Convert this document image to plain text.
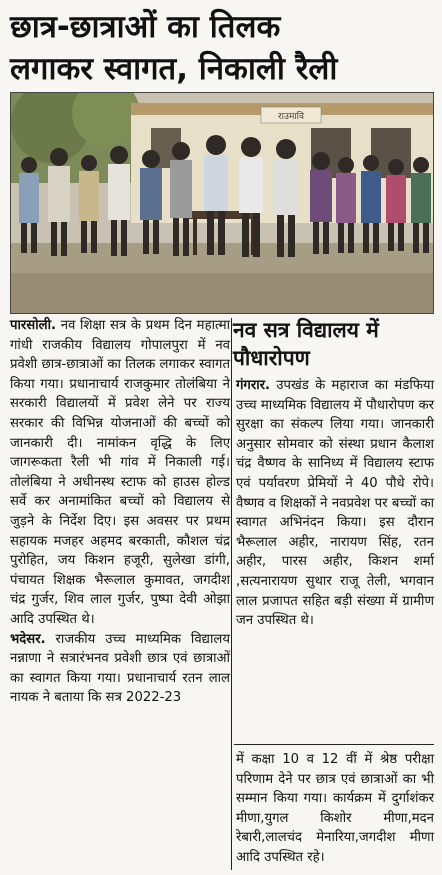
छात्र-छात्राओं का तिलक
लगाकर स्वागत, निकाली रैली
राउमावि

पारसोली. नव शिक्षा सत्र के प्रथम दिन महात्मा गांधी राजकीय विद्यालय गोपालपुरा में नव प्रवेशी छात्र-छात्राओं का तिलक लगाकर स्वागत किया गया। प्रधानाचार्य राजकुमार तोलंबिया ने सरकारी विद्यालयों में प्रवेश लेने पर राज्य सरकार की विभिन्न योजनाओं की बच्चों को जानकारी दी। नामांकन वृद्धि के लिए जागरूकता रैली भी गांव में निकाली गई। तोलंबिया ने अधीनस्थ स्टाफ को हाउस होल्ड सर्वे कर अनामांकित बच्चों को विद्यालय से जुड़ने के निर्देश दिए। इस अवसर पर प्रथम सहायक मजहर अहमद बरकाती, कौशल चंद्र पुरोहित, जय किशन हजूरी, सुलेखा डांगी, पंचायत शिक्षक भैरूलाल कुमावत, जगदीश चंद्र गुर्जर, शिव लाल गुर्जर, पुष्पा देवी ओझा आदि उपस्थित थे।

भदेसर. राजकीय उच्च माध्यमिक विद्यालय नन्नाणा ने सत्रारंभनव प्रवेशी छात्र एवं छात्राओं का स्वागत किया गया। प्रधानाचार्य रतन लाल नायक ने बताया कि सत्र 2022-23

नव सत्र विद्यालय में पौधारोपण

गंगरार. उपखंड के महाराज का मंडफिया उच्च माध्यमिक विद्यालय में पौधारोपण कर सुरक्षा का संकल्प लिया गया। जानकारी अनुसार सोमवार को संस्था प्रधान कैलाश चंद्र वैष्णव के सानिध्य में विद्यालय स्टाफ एवं पर्यावरण प्रेमियों ने 40 पौधे रोपे। वैष्णव व शिक्षकों ने नवप्रवेश पर बच्चों का स्वागत अभिनंदन किया। इस दौरान भैरूलाल अहीर, नारायण सिंह, रतन अहीर, पारस अहीर, किशन शर्मा ,सत्यनारायण सुथार राजू तेली, भगवान लाल प्रजापत सहित बड़ी संख्या में ग्रामीण जन उपस्थित थे।

में कक्षा 10 व 12 वीं में श्रेष्ठ परीक्षा परिणाम देने पर छात्र एवं छात्राओं का भी सम्मान किया गया। कार्यक्रम में दुर्गाशंकर मीणा,युगल किशोर मीणा,मदन रेबारी,लालचंद मेनारिया,जगदीश मीणा आदि उपस्थित रहे।
